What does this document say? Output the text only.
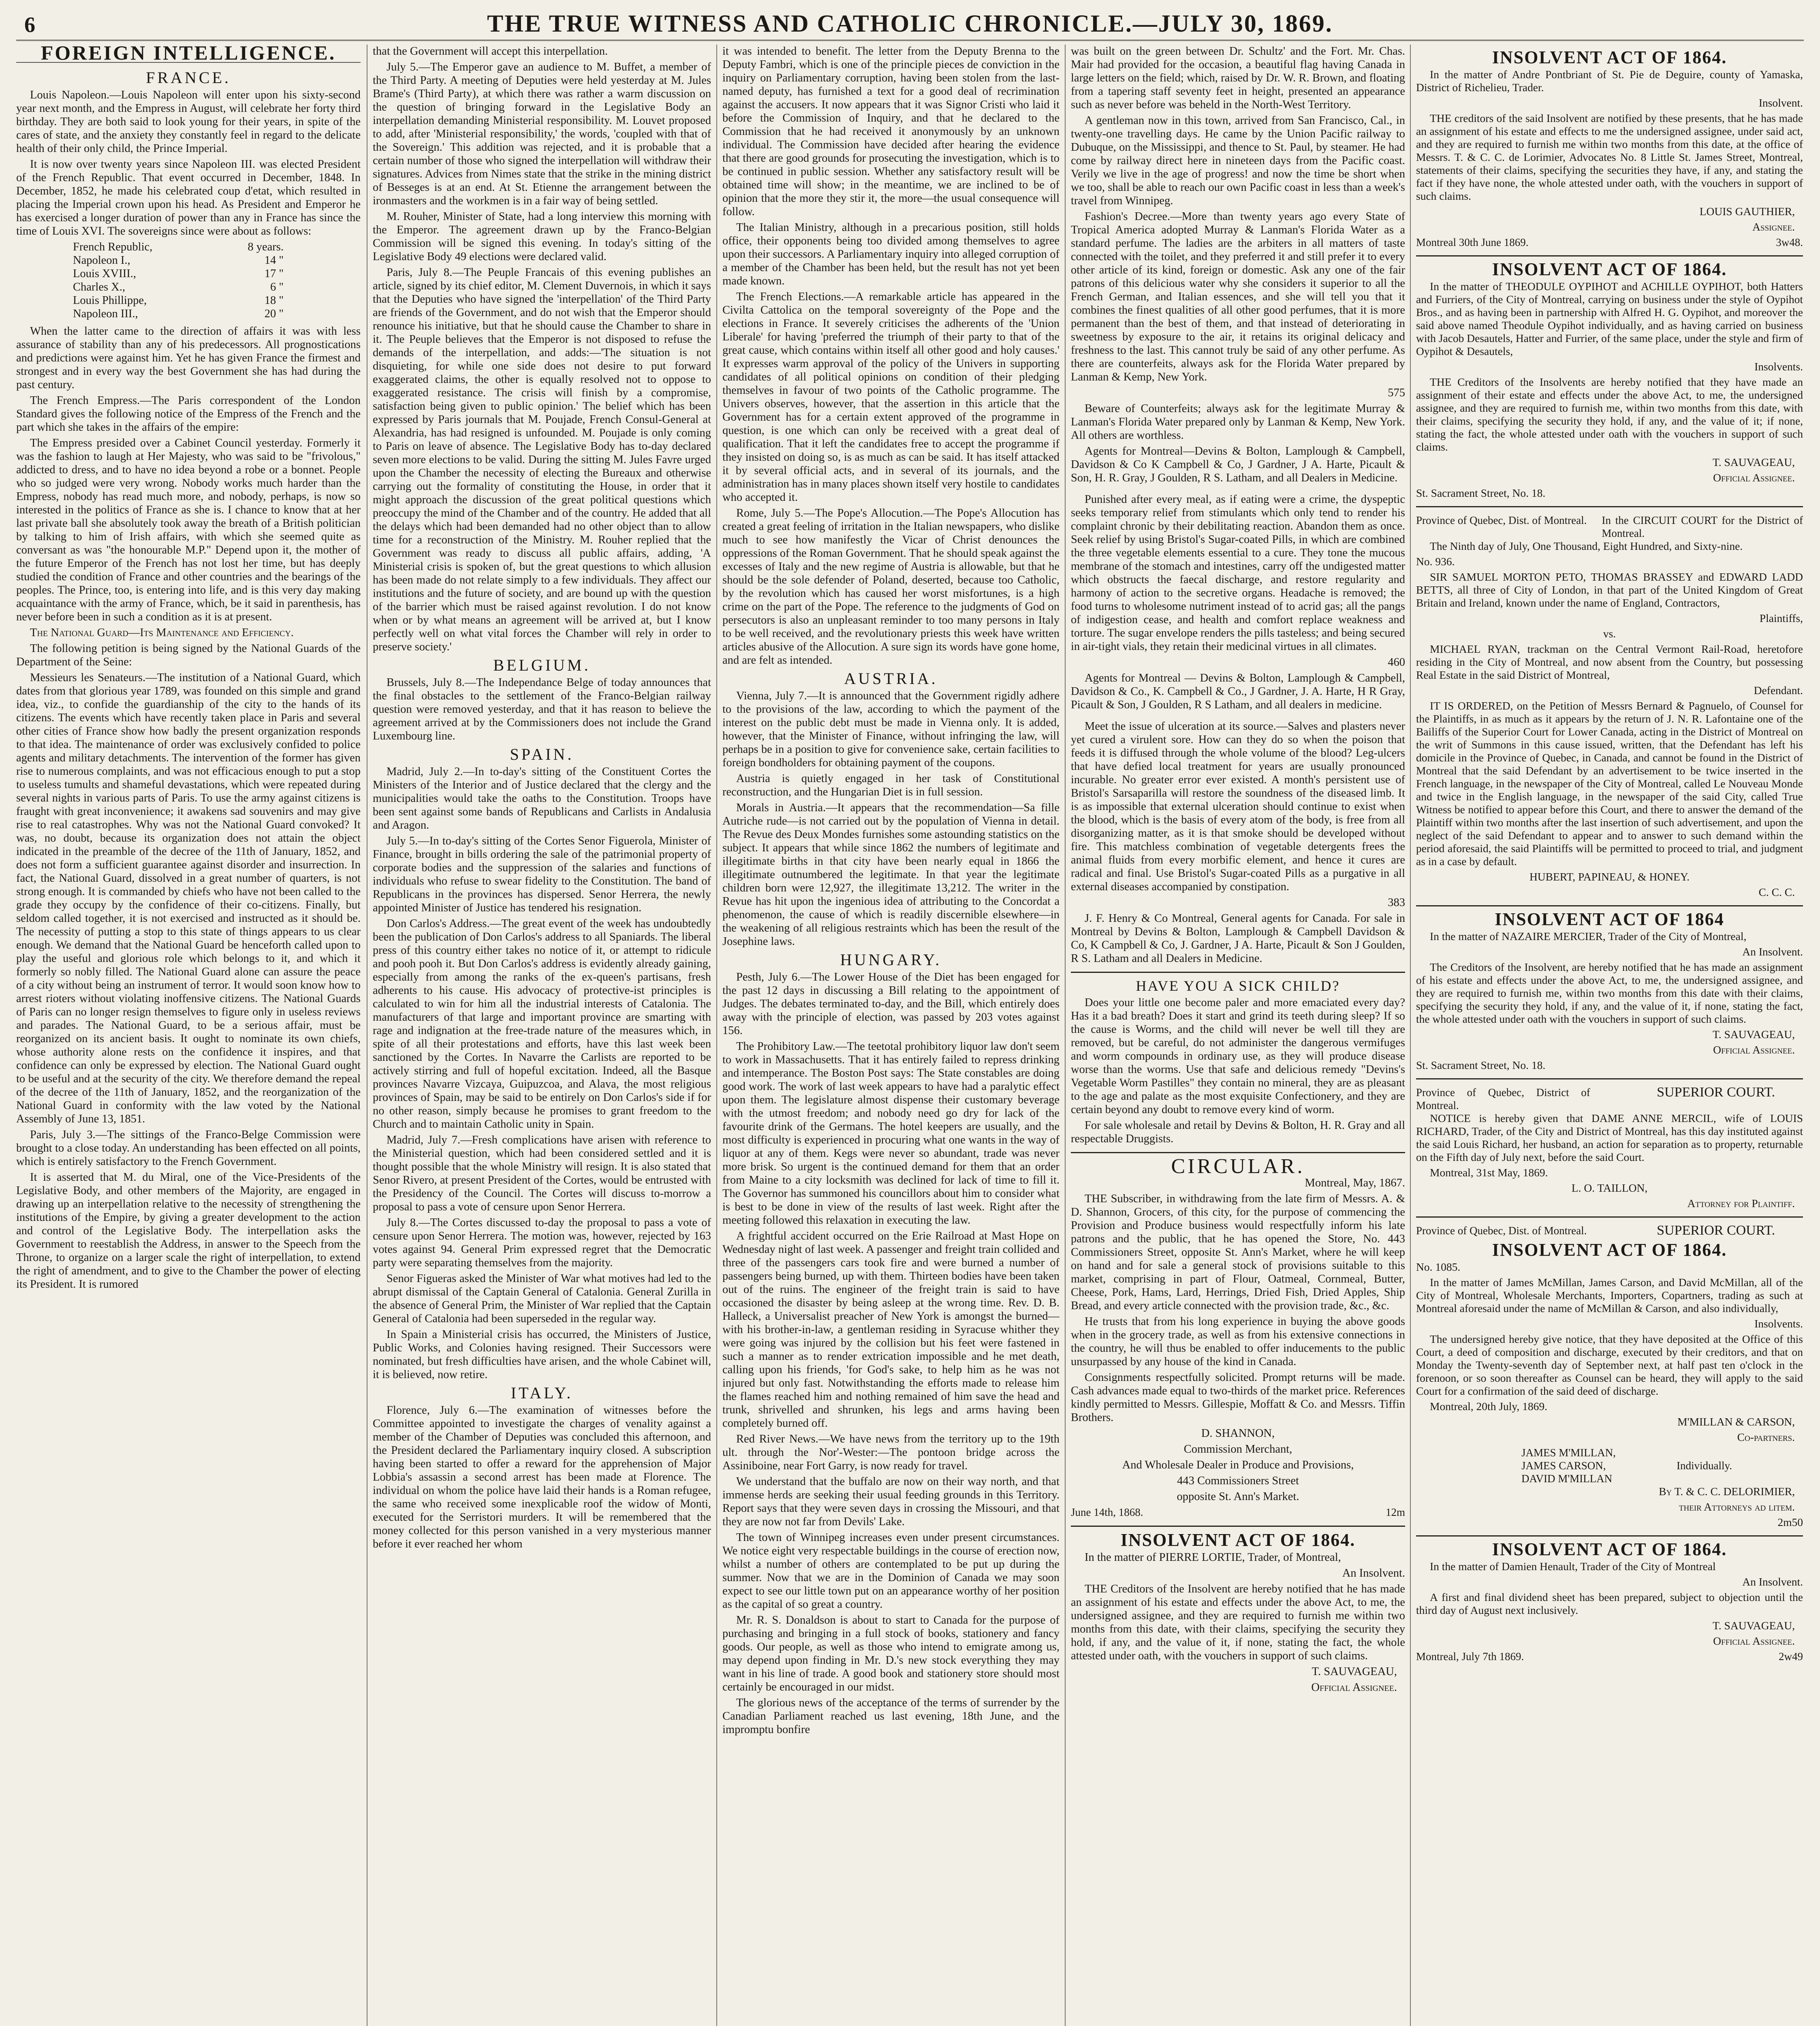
6	THE TRUE WITNESS AND CATHOLIC CHRONICLE.—JULY 30, 1869.
FOREIGN INTELLIGENCE.
FRANCE.

Louis Napoleon.—Louis Napoleon will enter upon his sixty-second year next month, and the Empress in August, will celebrate her forty third birthday. They are both said to look young for their years, in spite of the cares of state, and the anxiety they constantly feel in regard to the delicate health of their only child, the Prince Imperial.

It is now over twenty years since Napoleon III. was elected President of the French Republic. That event occurred in December, 1848. In December, 1852, he made his celebrated coup d'etat, which resulted in placing the Imperial crown upon his head. As President and Emperor he has exercised a longer duration of power than any in France has since the time of Louis XVI. The sovereigns since were about as follows:

French Republic,	8 years.
Napoleon I.,	14 "
Louis XVIII.,	17 "
Charles X.,	6 "
Louis Phillippe,	18 "
Napoleon III.,	20 "

When the latter came to the direction of affairs it was with less assurance of stability than any of his predecessors. All prognostications and predictions were against him. Yet he has given France the firmest and strongest and in every way the best Government she has had during the past century.

The French Empress.—The Paris correspondent of the London Standard gives the following notice of the Empress of the French and the part which she takes in the affairs of the empire:

The Empress presided over a Cabinet Council yesterday. Formerly it was the fashion to laugh at Her Majesty, who was said to be "frivolous," addicted to dress, and to have no idea beyond a robe or a bonnet. People who so judged were very wrong. Nobody works much harder than the Empress, nobody has read much more, and nobody, perhaps, is now so interested in the politics of France as she is. I chance to know that at her last private ball she absolutely took away the breath of a British politician by talking to him of Irish affairs, with which she seemed quite as conversant as was "the honourable M.P." Depend upon it, the mother of the future Emperor of the French has not lost her time, but has deeply studied the condition of France and other countries and the bearings of the peoples. The Prince, too, is entering into life, and is this very day making acquaintance with the army of France, which, be it said in parenthesis, has never before been in such a condition as it is at present.

The National Guard—Its Maintenance and Efficiency.

The following petition is being signed by the National Guards of the Department of the Seine:

Messieurs les Senateurs.—The institution of a National Guard, which dates from that glorious year 1789, was founded on this simple and grand idea, viz., to confide the guardianship of the city to the hands of its citizens. The events which have recently taken place in Paris and several other cities of France show how badly the present organization responds to that idea. The maintenance of order was exclusively confided to police agents and military detachments. The intervention of the former has given rise to numerous complaints, and was not efficacious enough to put a stop to useless tumults and shameful devastations, which were repeated during several nights in various parts of Paris. To use the army against citizens is fraught with great inconvenience; it awakens sad souvenirs and may give rise to real catastrophes. Why was not the National Guard convoked? It was, no doubt, because its organization does not attain the object indicated in the preamble of the decree of the 11th of January, 1852, and does not form a sufficient guarantee against disorder and insurrection. In fact, the National Guard, dissolved in a great number of quarters, is not strong enough. It is commanded by chiefs who have not been called to the grade they occupy by the confidence of their co-citizens. Finally, but seldom called together, it is not exercised and instructed as it should be. The necessity of putting a stop to this state of things appears to us clear enough. We demand that the National Guard be henceforth called upon to play the useful and glorious role which belongs to it, and which it formerly so nobly filled. The National Guard alone can assure the peace of a city without being an instrument of terror. It would soon know how to arrest rioters without violating inoffensive citizens. The National Guards of Paris can no longer resign themselves to figure only in useless reviews and parades. The National Guard, to be a serious affair, must be reorganized on its ancient basis. It ought to nominate its own chiefs, whose authority alone rests on the confidence it inspires, and that confidence can only be expressed by election. The National Guard ought to be useful and at the security of the city. We therefore demand the repeal of the decree of the 11th of January, 1852, and the reorganization of the National Guard in conformity with the law voted by the National Assembly of June 13, 1851.

Paris, July 3.—The sittings of the Franco-Belge Commission were brought to a close today. An understanding has been effected on all points, which is entirely satisfactory to the French Government.

It is asserted that M. du Miral, one of the Vice-Presidents of the Legislative Body, and other members of the Majority, are engaged in drawing up an interpellation relative to the necessity of strengthening the institutions of the Empire, by giving a greater development to the action and control of the Legislative Body. The interpellation asks the Government to reestablish the Address, in answer to the Speech from the Throne, to organize on a larger scale the right of interpellation, to extend the right of amendment, and to give to the Chamber the power of electing its President. It is rumored

that the Government will accept this interpellation.

July 5.—The Emperor gave an audience to M. Buffet, a member of the Third Party. A meeting of Deputies were held yesterday at M. Jules Brame's (Third Party), at which there was rather a warm discussion on the question of bringing forward in the Legislative Body an interpellation demanding Ministerial responsibility. M. Louvet proposed to add, after 'Ministerial responsibility,' the words, 'coupled with that of the Sovereign.' This addition was rejected, and it is probable that a certain number of those who signed the interpellation will withdraw their signatures. Advices from Nimes state that the strike in the mining district of Besseges is at an end. At St. Etienne the arrangement between the ironmasters and the workmen is in a fair way of being settled.

M. Rouher, Minister of State, had a long interview this morning with the Emperor. The agreement drawn up by the Franco-Belgian Commission will be signed this evening. In today's sitting of the Legislative Body 49 elections were declared valid.

Paris, July 8.—The Peuple Francais of this evening publishes an article, signed by its chief editor, M. Clement Duvernois, in which it says that the Deputies who have signed the 'interpellation' of the Third Party are friends of the Government, and do not wish that the Emperor should renounce his initiative, but that he should cause the Chamber to share in it. The Peuple believes that the Emperor is not disposed to refuse the demands of the interpellation, and adds:—'The situation is not disquieting, for while one side does not desire to put forward exaggerated claims, the other is equally resolved not to oppose to exaggerated resistance. The crisis will finish by a compromise, satisfaction being given to public opinion.' The belief which has been expressed by Paris journals that M. Poujade, French Consul-General at Alexandria, has had resigned is unfounded. M. Poujade is only coming to Paris on leave of absence. The Legislative Body has to-day declared seven more elections to be valid. During the sitting M. Jules Favre urged upon the Chamber the necessity of electing the Bureaux and otherwise carrying out the formality of constituting the House, in order that it might approach the discussion of the great political questions which preoccupy the mind of the Chamber and of the country. He added that all the delays which had been demanded had no other object than to allow time for a reconstruction of the Ministry. M. Rouher replied that the Government was ready to discuss all public affairs, adding, 'A Ministerial crisis is spoken of, but the great questions to which allusion has been made do not relate simply to a few individuals. They affect our institutions and the future of society, and are bound up with the question of the barrier which must be raised against revolution. I do not know when or by what means an agreement will be arrived at, but I know perfectly well on what vital forces the Chamber will rely in order to preserve society.'

BELGIUM.

Brussels, July 8.—The Independance Belge of today announces that the final obstacles to the settlement of the Franco-Belgian railway question were removed yesterday, and that it has reason to believe the agreement arrived at by the Commissioners does not include the Grand Luxembourg line.

SPAIN.

Madrid, July 2.—In to-day's sitting of the Constituent Cortes the Ministers of the Interior and of Justice declared that the clergy and the municipalities would take the oaths to the Constitution. Troops have been sent against some bands of Republicans and Carlists in Andalusia and Aragon.

July 5.—In to-day's sitting of the Cortes Senor Figuerola, Minister of Finance, brought in bills ordering the sale of the patrimonial property of corporate bodies and the suppression of the salaries and functions of individuals who refuse to swear fidelity to the Constitution. The band of Republicans in the provinces has dispersed. Senor Herrera, the newly appointed Minister of Justice has tendered his resignation.

Don Carlos's Address.—The great event of the week has undoubtedly been the publication of Don Carlos's address to all Spaniards. The liberal press of this country either takes no notice of it, or attempt to ridicule and pooh pooh it. But Don Carlos's address is evidently already gaining, especially from among the ranks of the ex-queen's partisans, fresh adherents to his cause. His advocacy of protective-ist principles is calculated to win for him all the industrial interests of Catalonia. The manufacturers of that large and important province are smarting with rage and indignation at the free-trade nature of the measures which, in spite of all their protestations and efforts, have this last week been sanctioned by the Cortes. In Navarre the Carlists are reported to be actively stirring and full of hopeful excitation. Indeed, all the Basque provinces Navarre Vizcaya, Guipuzcoa, and Alava, the most religious provinces of Spain, may be said to be entirely on Don Carlos's side if for no other reason, simply because he promises to grant freedom to the Church and to maintain Catholic unity in Spain.

Madrid, July 7.—Fresh complications have arisen with reference to the Ministerial question, which had been considered settled and it is thought possible that the whole Ministry will resign. It is also stated that Senor Rivero, at present President of the Cortes, would be entrusted with the Presidency of the Council. The Cortes will discuss to-morrow a proposal to pass a vote of censure upon Senor Herrera.

July 8.—The Cortes discussed to-day the proposal to pass a vote of censure upon Senor Herrera. The motion was, however, rejected by 163 votes against 94. General Prim expressed regret that the Democratic party were separating themselves from the majority.

Senor Figueras asked the Minister of War what motives had led to the abrupt dismissal of the Captain General of Catalonia. General Zurilla in the absence of General Prim, the Minister of War replied that the Captain General of Catalonia had been superseded in the regular way.

In Spain a Ministerial crisis has occurred, the Ministers of Justice, Public Works, and Colonies having resigned. Their Successors were nominated, but fresh difficulties have arisen, and the whole Cabinet will, it is believed, now retire.

ITALY.

Florence, July 6.—The examination of witnesses before the Committee appointed to investigate the charges of venality against a member of the Chamber of Deputies was concluded this afternoon, and the President declared the Parliamentary inquiry closed. A subscription having been started to offer a reward for the apprehension of Major Lobbia's assassin a second arrest has been made at Florence. The individual on whom the police have laid their hands is a Roman refugee, the same who received some inexplicable roof the widow of Monti, executed for the Serristori murders. It will be remembered that the money collected for this person vanished in a very mysterious manner before it ever reached her whom

it was intended to benefit. The letter from the Deputy Brenna to the Deputy Fambri, which is one of the principle pieces de conviction in the inquiry on Parliamentary corruption, having been stolen from the last-named deputy, has furnished a text for a good deal of recrimination against the accusers. It now appears that it was Signor Cristi who laid it before the Commission of Inquiry, and that he declared to the Commission that he had received it anonymously by an unknown individual. The Commission have decided after hearing the evidence that there are good grounds for prosecuting the investigation, which is to be continued in public session. Whether any satisfactory result will be obtained time will show; in the meantime, we are inclined to be of opinion that the more they stir it, the more—the usual consequence will follow.

The Italian Ministry, although in a precarious position, still holds office, their opponents being too divided among themselves to agree upon their successors. A Parliamentary inquiry into alleged corruption of a member of the Chamber has been held, but the result has not yet been made known.

The French Elections.—A remarkable article has appeared in the Civilta Cattolica on the temporal sovereignty of the Pope and the elections in France. It severely criticises the adherents of the 'Union Liberale' for having 'preferred the triumph of their party to that of the great cause, which contains within itself all other good and holy causes.' It expresses warm approval of the policy of the Univers in supporting candidates of all political opinions on condition of their pledging themselves in favour of two points of the Catholic programme. The Univers observes, however, that the assertion in this article that the Government has for a certain extent approved of the programme in question, is one which can only be received with a great deal of qualification. That it left the candidates free to accept the programme if they insisted on doing so, is as much as can be said. It has itself attacked it by several official acts, and in several of its journals, and the administration has in many places shown itself very hostile to candidates who accepted it.

Rome, July 5.—The Pope's Allocution.—The Pope's Allocution has created a great feeling of irritation in the Italian newspapers, who dislike much to see how manifestly the Vicar of Christ denounces the oppressions of the Roman Government. That he should speak against the excesses of Italy and the new regime of Austria is allowable, but that he should be the sole defender of Poland, deserted, because too Catholic, by the revolution which has caused her worst misfortunes, is a high crime on the part of the Pope. The reference to the judgments of God on persecutors is also an unpleasant reminder to too many persons in Italy to be well received, and the revolutionary priests this week have written articles abusive of the Allocution. A sure sign its words have gone home, and are felt as intended.

AUSTRIA.

Vienna, July 7.—It is announced that the Government rigidly adhere to the provisions of the law, according to which the payment of the interest on the public debt must be made in Vienna only. It is added, however, that the Minister of Finance, without infringing the law, will perhaps be in a position to give for convenience sake, certain facilities to foreign bondholders for obtaining payment of the coupons.

Austria is quietly engaged in her task of Constitutional reconstruction, and the Hungarian Diet is in full session.

Morals in Austria.—It appears that the recommendation—Sa fille Autriche rude—is not carried out by the population of Vienna in detail. The Revue des Deux Mondes furnishes some astounding statistics on the subject. It appears that while since 1862 the numbers of legitimate and illegitimate births in that city have been nearly equal in 1866 the illegitimate outnumbered the legitimate. In that year the legitimate children born were 12,927, the illegitimate 13,212. The writer in the Revue has hit upon the ingenious idea of attributing to the Concordat a phenomenon, the cause of which is readily discernible elsewhere—in the weakening of all religious restraints which has been the result of the Josephine laws.

HUNGARY.

Pesth, July 6.—The Lower House of the Diet has been engaged for the past 12 days in discussing a Bill relating to the appointment of Judges. The debates terminated to-day, and the Bill, which entirely does away with the principle of election, was passed by 203 votes against 156.

The Prohibitory Law.—The teetotal prohibitory liquor law don't seem to work in Massachusetts. That it has entirely failed to repress drinking and intemperance. The Boston Post says: The State constables are doing good work. The work of last week appears to have had a paralytic effect upon them. The legislature almost dispense their customary beverage with the utmost freedom; and nobody need go dry for lack of the favourite drink of the Germans. The hotel keepers are usually, and the most difficulty is experienced in procuring what one wants in the way of liquor at any of them. Kegs were never so abundant, trade was never more brisk. So urgent is the continued demand for them that an order from Maine to a city locksmith was declined for lack of time to fill it. The Governor has summoned his councillors about him to consider what is best to be done in view of the results of last week. Right after the meeting followed this relaxation in executing the law.

A frightful accident occurred on the Erie Railroad at Mast Hope on Wednesday night of last week. A passenger and freight train collided and three of the passengers cars took fire and were burned a number of passengers being burned, up with them. Thirteen bodies have been taken out of the ruins. The engineer of the freight train is said to have occasioned the disaster by being asleep at the wrong time. Rev. D. B. Halleck, a Universalist preacher of New York is amongst the burned—with his brother-in-law, a gentleman residing in Syracuse whither they were going was injured by the collision but his feet were fastened in such a manner as to render extrication impossible and he met death, calling upon his friends, 'for God's sake, to help him as he was not injured but only fast. Notwithstanding the efforts made to release him the flames reached him and nothing remained of him save the head and trunk, shrivelled and shrunken, his legs and arms having been completely burned off.

Red River News.—We have news from the territory up to the 19th ult. through the Nor'-Wester:—The pontoon bridge across the Assiniboine, near Fort Garry, is now ready for travel.

We understand that the buffalo are now on their way north, and that immense herds are seeking their usual feeding grounds in this Territory. Report says that they were seven days in crossing the Missouri, and that they are now not far from Devils' Lake.

The town of Winnipeg increases even under present circumstances. We notice eight very respectable buildings in the course of erection now, whilst a number of others are contemplated to be put up during the summer. Now that we are in the Dominion of Canada we may soon expect to see our little town put on an appearance worthy of her position as the capital of so great a country.

Mr. R. S. Donaldson is about to start to Canada for the purpose of purchasing and bringing in a full stock of books, stationery and fancy goods. Our people, as well as those who intend to emigrate among us, may depend upon finding in Mr. D.'s new stock everything they may want in his line of trade. A good book and stationery store should most certainly be encouraged in our midst.

The glorious news of the acceptance of the terms of surrender by the Canadian Parliament reached us last evening, 18th June, and the impromptu bonfire

was built on the green between Dr. Schultz' and the Fort. Mr. Chas. Mair had provided for the occasion, a beautiful flag having Canada in large letters on the field; which, raised by Dr. W. R. Brown, and floating from a tapering staff seventy feet in height, presented an appearance such as never before was beheld in the North-West Territory.

A gentleman now in this town, arrived from San Francisco, Cal., in twenty-one travelling days. He came by the Union Pacific railway to Dubuque, on the Mississippi, and thence to St. Paul, by steamer. He had come by railway direct here in nineteen days from the Pacific coast. Verily we live in the age of progress! and now the time be short when we too, shall be able to reach our own Pacific coast in less than a week's travel from Winnipeg.

Fashion's Decree.—More than twenty years ago every State of Tropical America adopted Murray & Lanman's Florida Water as a standard perfume. The ladies are the arbiters in all matters of taste connected with the toilet, and they preferred it and still prefer it to every other article of its kind, foreign or domestic. Ask any one of the fair patrons of this delicious water why she considers it superior to all the French German, and Italian essences, and she will tell you that it combines the finest qualities of all other good perfumes, that it is more permanent than the best of them, and that instead of deteriorating in sweetness by exposure to the air, it retains its original delicacy and freshness to the last. This cannot truly be said of any other perfume. As there are counterfeits, always ask for the Florida Water prepared by Lanman & Kemp, New York.

575

Beware of Counterfeits; always ask for the legitimate Murray & Lanman's Florida Water prepared only by Lanman & Kemp, New York. All others are worthless.

Agents for Montreal—Devins & Bolton, Lamplough & Campbell, Davidson & Co K Campbell & Co, J Gardner, J A. Harte, Picault & Son, H. R. Gray, J Goulden, R S. Latham, and all Dealers in Medicine.

Punished after every meal, as if eating were a crime, the dyspeptic seeks temporary relief from stimulants which only tend to render his complaint chronic by their debilitating reaction. Abandon them as once. Seek relief by using Bristol's Sugar-coated Pills, in which are combined the three vegetable elements essential to a cure. They tone the mucous membrane of the stomach and intestines, carry off the undigested matter which obstructs the faecal discharge, and restore regularity and harmony of action to the secretive organs. Headache is removed; the food turns to wholesome nutriment instead of to acrid gas; all the pangs of indigestion cease, and health and comfort replace weakness and torture. The sugar envelope renders the pills tasteless; and being secured in air-tight vials, they retain their medicinal virtues in all climates.

460

Agents for Montreal — Devins & Bolton, Lamplough & Campbell, Davidson & Co., K. Campbell & Co., J Gardner, J. A. Harte, H R Gray, Picault & Son, J Goulden, R S Latham, and all dealers in medicine.

Meet the issue of ulceration at its source.—Salves and plasters never yet cured a virulent sore. How can they do so when the poison that feeds it is diffused through the whole volume of the blood? Leg-ulcers that have defied local treatment for years are usually pronounced incurable. No greater error ever existed. A month's persistent use of Bristol's Sarsaparilla will restore the soundness of the diseased limb. It is as impossible that external ulceration should continue to exist when the blood, which is the basis of every atom of the body, is free from all disorganizing matter, as it is that smoke should be developed without fire. This matchless combination of vegetable detergents frees the animal fluids from every morbific element, and hence it cures are radical and final. Use Bristol's Sugar-coated Pills as a purgative in all external diseases accompanied by constipation.

383

J. F. Henry & Co Montreal, General agents for Canada. For sale in Montreal by Devins & Bolton, Lamplough & Campbell Davidson & Co, K Campbell & Co, J. Gardner, J A. Harte, Picault & Son J Goulden, R S. Latham and all Dealers in Medicine.

HAVE YOU A SICK CHILD?

Does your little one become paler and more emaciated every day? Has it a bad breath? Does it start and grind its teeth during sleep? If so the cause is Worms, and the child will never be well till they are removed, but be careful, do not administer the dangerous vermifuges and worm compounds in ordinary use, as they will produce disease worse than the worms. Use that safe and delicious remedy "Devins's Vegetable Worm Pastilles" they contain no mineral, they are as pleasant to the age and palate as the most exquisite Confectionery, and they are certain beyond any doubt to remove every kind of worm.

For sale wholesale and retail by Devins & Bolton, H. R. Gray and all respectable Druggists.

CIRCULAR.

Montreal, May, 1867.

THE Subscriber, in withdrawing from the late firm of Messrs. A. & D. Shannon, Grocers, of this city, for the purpose of commencing the Provision and Produce business would respectfully inform his late patrons and the public, that he has opened the Store, No. 443 Commissioners Street, opposite St. Ann's Market, where he will keep on hand and for sale a general stock of provisions suitable to this market, comprising in part of Flour, Oatmeal, Cornmeal, Butter, Cheese, Pork, Hams, Lard, Herrings, Dried Fish, Dried Apples, Ship Bread, and every article connected with the provision trade, &c., &c.

He trusts that from his long experience in buying the above goods when in the grocery trade, as well as from his extensive connections in the country, he will thus be enabled to offer inducements to the public unsurpassed by any house of the kind in Canada.

Consignments respectfully solicited. Prompt returns will be made. Cash advances made equal to two-thirds of the market price. References kindly permitted to Messrs. Gillespie, Moffatt & Co. and Messrs. Tiffin Brothers.

D. SHANNON,

Commission Merchant,

And Wholesale Dealer in Produce and Provisions,

443 Commissioners Street

opposite St. Ann's Market.

June 14th, 1868.	12m
INSOLVENT ACT OF 1864.

In the matter of PIERRE LORTIE, Trader, of Montreal,

An Insolvent.

THE Creditors of the Insolvent are hereby notified that he has made an assignment of his estate and effects under the above Act, to me, the undersigned assignee, and they are required to furnish me within two months from this date, with their claims, specifying the security they hold, if any, and the value of it, if none, stating the fact, the whole attested under oath, with the vouchers in support of such claims.

T. SAUVAGEAU,

Official Assignee.

INSOLVENT ACT OF 1864.

In the matter of Andre Pontbriant of St. Pie de Deguire, county of Yamaska, District of Richelieu, Trader.

Insolvent.

THE creditors of the said Insolvent are notified by these presents, that he has made an assignment of his estate and effects to me the undersigned assignee, under said act, and they are required to furnish me within two months from this date, at the office of Messrs. T. & C. C. de Lorimier, Advocates No. 8 Little St. James Street, Montreal, statements of their claims, specifying the securities they have, if any, and stating the fact if they have none, the whole attested under oath, with the vouchers in support of such claims.

LOUIS GAUTHIER,

Assignee.

Montreal 30th June 1869.	3w48.
INSOLVENT ACT OF 1864.

In the matter of THEODULE OYPIHOT and ACHILLE OYPIHOT, both Hatters and Furriers, of the City of Montreal, carrying on business under the style of Oypihot Bros., and as having been in partnership with Alfred H. G. Oypihot, and moreover the said above named Theodule Oypihot individually, and as having carried on business with Jacob Desautels, Hatter and Furrier, of the same place, under the style and firm of Oypihot & Desautels,

Insolvents.

THE Creditors of the Insolvents are hereby notified that they have made an assignment of their estate and effects under the above Act, to me, the undersigned assignee, and they are required to furnish me, within two months from this date, with their claims, specifying the security they hold, if any, and the value of it; if none, stating the fact, the whole attested under oath with the vouchers in support of such claims.

T. SAUVAGEAU,

Official Assignee.

St. Sacrament Street, No. 18.

Province of Quebec, Dist. of Montreal.	In the CIRCUIT COURT for the District of Montreal.

The Ninth day of July, One Thousand, Eight Hundred, and Sixty-nine.

No. 936.

SIR SAMUEL MORTON PETO, THOMAS BRASSEY and EDWARD LADD BETTS, all three of City of London, in that part of the United Kingdom of Great Britain and Ireland, known under the name of England, Contractors,

Plaintiffs,

vs.

MICHAEL RYAN, trackman on the Central Vermont Rail-Road, heretofore residing in the City of Montreal, and now absent from the Country, but possessing Real Estate in the said District of Montreal,

Defendant.

IT IS ORDERED, on the Petition of Messrs Bernard & Pagnuelo, of Counsel for the Plaintiffs, in as much as it appears by the return of J. N. R. Lafontaine one of the Bailiffs of the Superior Court for Lower Canada, acting in the District of Montreal on the writ of Summons in this cause issued, written, that the Defendant has left his domicile in the Province of Quebec, in Canada, and cannot be found in the District of Montreal that the said Defendant by an advertisement to be twice inserted in the French language, in the newspaper of the City of Montreal, called Le Nouveau Monde and twice in the English language, in the newspaper of the said City, called True Witness be notified to appear before this Court, and there to answer the demand of the Plaintiff within two months after the last insertion of such advertisement, and upon the neglect of the said Defendant to appear and to answer to such demand within the period aforesaid, the said Plaintiffs will be permitted to proceed to trial, and judgment as in a case by default.

HUBERT, PAPINEAU, & HONEY.

C. C. C.

INSOLVENT ACT OF 1864

In the matter of NAZAIRE MERCIER, Trader of the City of Montreal,

An Insolvent.

The Creditors of the Insolvent, are hereby notified that he has made an assignment of his estate and effects under the above Act, to me, the undersigned assignee, and they are required to furnish me, within two months from this date with their claims, specifying the security they hold, if any, and the value of it, if none, stating the fact, the whole attested under oath with the vouchers in support of such claims.

T. SAUVAGEAU,

Official Assignee.

St. Sacrament Street, No. 18.

Province of Quebec, District of Montreal.
SUPERIOR COURT.

NOTICE is hereby given that DAME ANNE MERCIL, wife of LOUIS RICHARD, Trader, of the City and District of Montreal, has this day instituted against the said Louis Richard, her husband, an action for separation as to property, returnable on the Fifth day of July next, before the said Court.

Montreal, 31st May, 1869.

L. O. TAILLON,

Attorney for Plaintiff.

Province of Quebec, Dist. of Montreal.	SUPERIOR COURT.
INSOLVENT ACT OF 1864.

No. 1085.

In the matter of James McMillan, James Carson, and David McMillan, all of the City of Montreal, Wholesale Merchants, Importers, Copartners, trading as such at Montreal aforesaid under the name of McMillan & Carson, and also individually,

Insolvents.

The undersigned hereby give notice, that they have deposited at the Office of this Court, a deed of composition and discharge, executed by their creditors, and that on Monday the Twenty-seventh day of September next, at half past ten o'clock in the forenoon, or so soon thereafter as Counsel can be heard, they will apply to the said Court for a confirmation of the said deed of discharge.

Montreal, 20th July, 1869.

M'MILLAN & CARSON,

Co-partners.

JAMES M'MILLAN,
JAMES CARSON,
DAVID M'MILLAN
Individually.

By T. & C. C. DELORIMIER,

their Attorneys ad litem.

2m50

INSOLVENT ACT OF 1864.

In the matter of Damien Henault, Trader of the City of Montreal

An Insolvent.

A first and final dividend sheet has been prepared, subject to objection until the third day of August next inclusively.

T. SAUVAGEAU,

Official Assignee.

Montreal, July 7th 1869.	2w49
